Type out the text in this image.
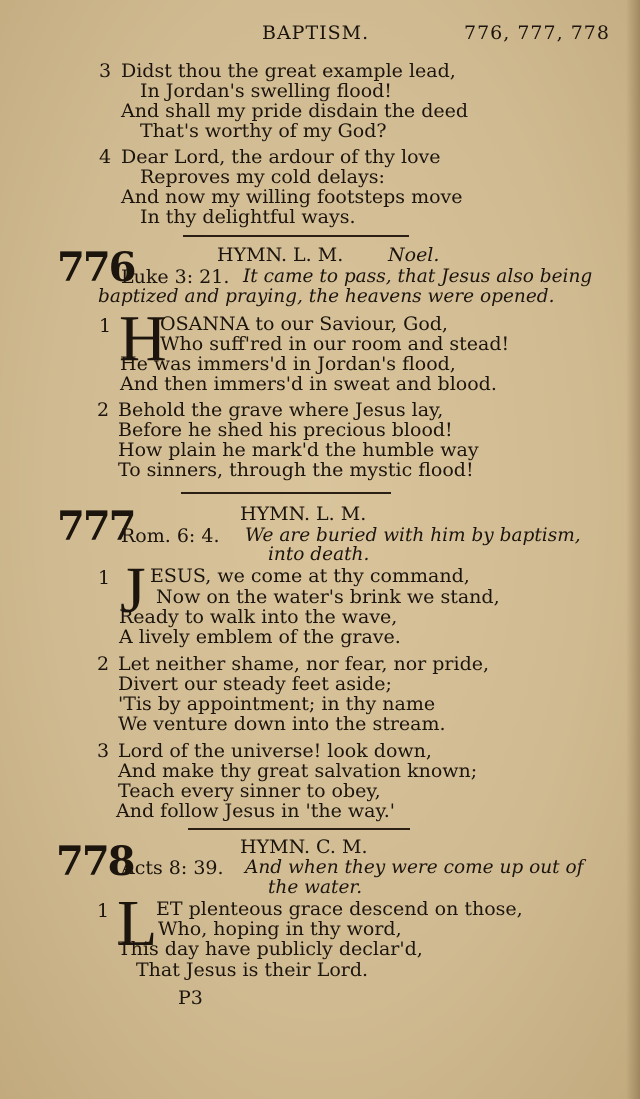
BAPTISM.	776, 777, 778
3 Didst thou the great example lead,
In Jordan's swelling flood!
And shall my pride disdain the deed
That's worthy of my God?
4 Dear Lord, the ardour of thy love
Reproves my cold delays:
And now my willing footsteps move
In thy delightful ways.
776	HYMN. L. M. Noel.
Luke 3: 21. It came to pass, that Jesus also being
baptized and praying, the heavens were opened.
1 H
OSANNA to our Saviour, God,
Who suff'red in our room and stead!
He was immers'd in Jordan's flood,
And then immers'd in sweat and blood.
2 Behold the grave where Jesus lay,
Before he shed his precious blood!
How plain he mark'd the humble way
To sinners, through the mystic flood!
777	HYMN. L. M.
Rom. 6: 4. We are buried with him by baptism,
into death.
1 J ESUS, we come at thy command,
Now on the water's brink we stand,
Ready to walk into the wave,
A lively emblem of the grave.
2 Let neither shame, nor fear, nor pride,
Divert our steady feet aside;
'Tis by appointment; in thy name
We venture down into the stream.
3 Lord of the universe! look down,
And make thy great salvation known;
Teach every sinner to obey,
And follow Jesus in 'the way.'
778	HYMN. C. M.
Acts 8: 39. And when they were come up out of
the water.
1 L
ET plenteous grace descend on those,
Who, hoping in thy word,
This day have publicly declar'd,
That Jesus is their Lord.
P3
